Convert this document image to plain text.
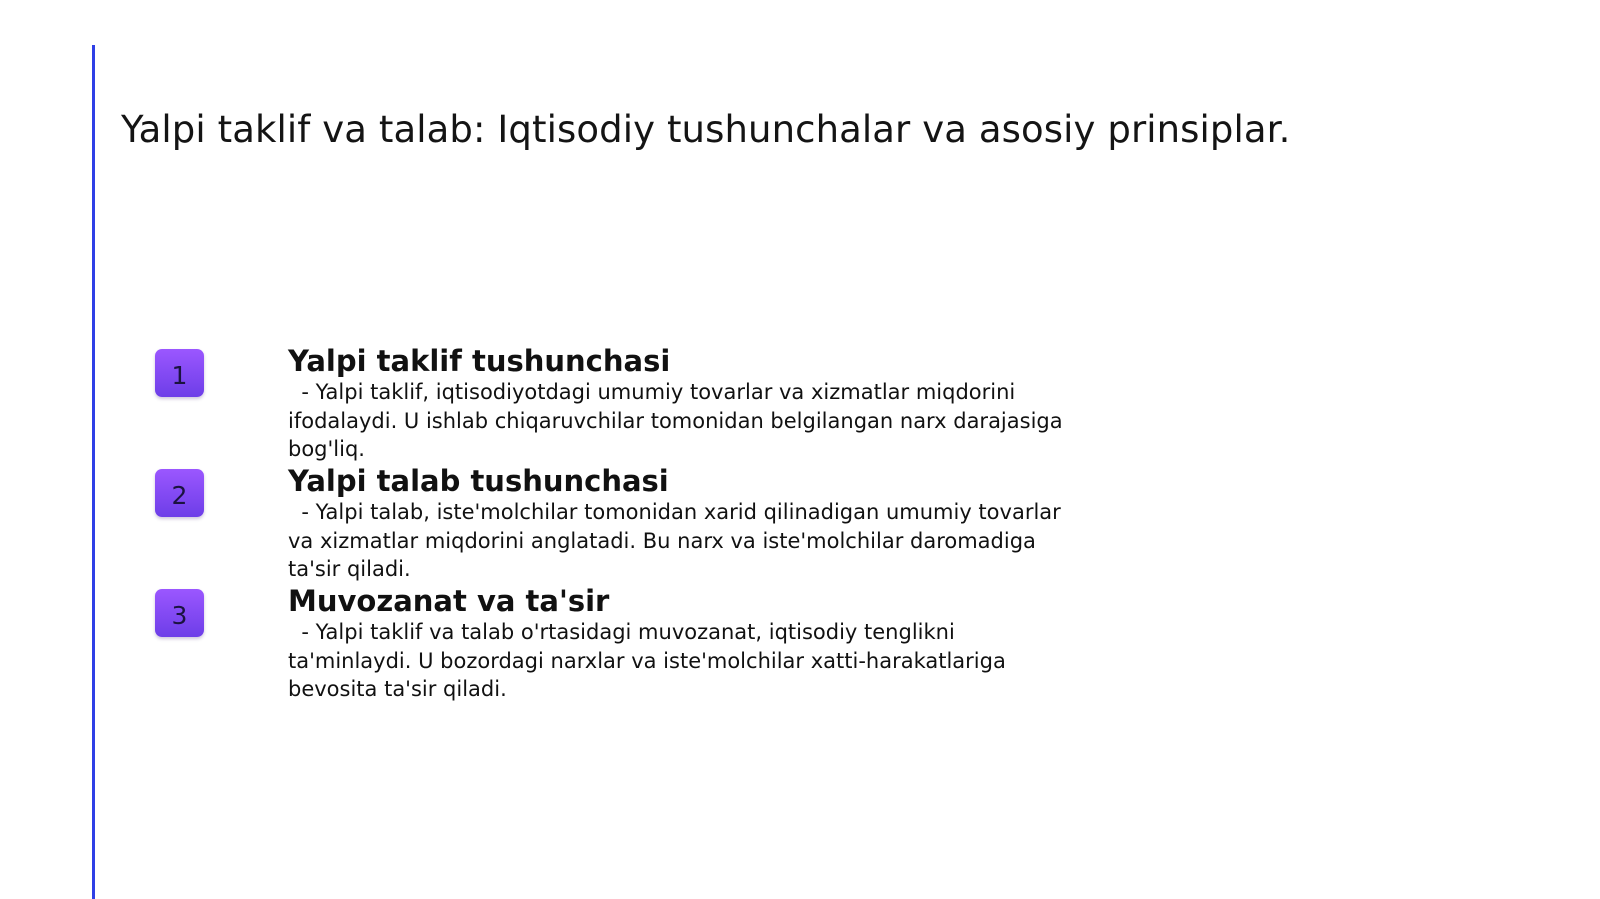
Yalpi taklif va talab: Iqtisodiy tushunchalar va asosiy prinsiplar.
1	Yalpi taklif tushunchasi

- Yalpi taklif, iqtisodiyotdagi umumiy tovarlar va xizmatlar miqdorini
ifodalaydi. U ishlab chiqaruvchilar tomonidan belgilangan narx darajasiga
bog'liq.

2	Yalpi talab tushunchasi

- Yalpi talab, iste'molchilar tomonidan xarid qilinadigan umumiy tovarlar
va xizmatlar miqdorini anglatadi. Bu narx va iste'molchilar daromadiga
ta'sir qiladi.

3	Muvozanat va ta'sir

- Yalpi taklif va talab o'rtasidagi muvozanat, iqtisodiy tenglikni
ta'minlaydi. U bozordagi narxlar va iste'molchilar xatti-harakatlariga
bevosita ta'sir qiladi.
